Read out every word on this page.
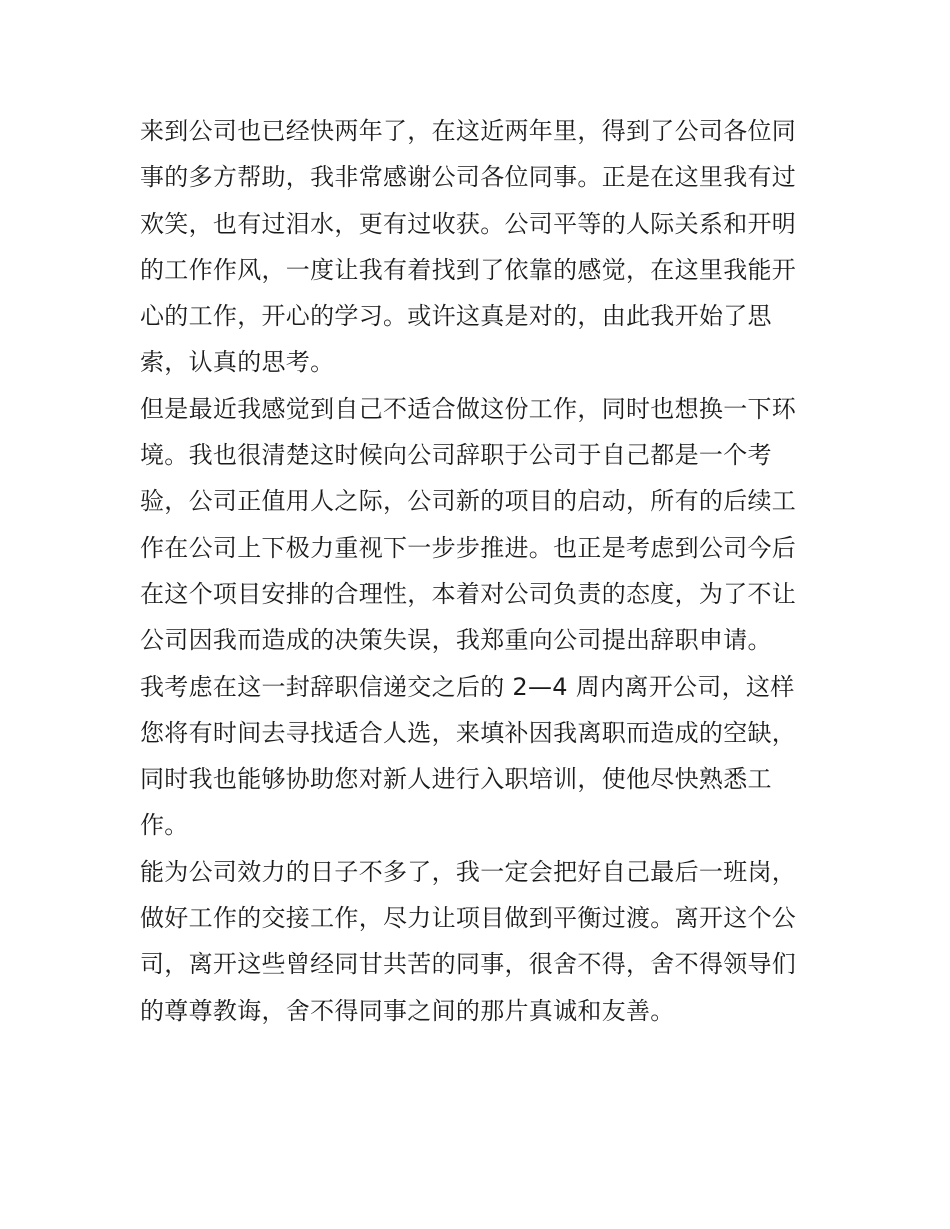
来到公司也已经快两年了，在这近两年里，得到了公司各位同
事的多方帮助，我非常感谢公司各位同事。正是在这里我有过
欢笑，也有过泪水，更有过收获。公司平等的人际关系和开明
的工作作风，一度让我有着找到了依靠的感觉，在这里我能开
心的工作，开心的学习。或许这真是对的，由此我开始了思
索，认真的思考。
但是最近我感觉到自己不适合做这份工作，同时也想换一下环
境。我也很清楚这时候向公司辞职于公司于自己都是一个考
验，公司正值用人之际，公司新的项目的启动，所有的后续工
作在公司上下极力重视下一步步推进。也正是考虑到公司今后
在这个项目安排的合理性，本着对公司负责的态度，为了不让
公司因我而造成的决策失误，我郑重向公司提出辞职申请。
我考虑在这一封辞职信递交之后的 2—4 周内离开公司，这样
您将有时间去寻找适合人选，来填补因我离职而造成的空缺，
同时我也能够协助您对新人进行入职培训，使他尽快熟悉工
作。
能为公司效力的日子不多了，我一定会把好自己最后一班岗，
做好工作的交接工作，尽力让项目做到平衡过渡。离开这个公
司，离开这些曾经同甘共苦的同事，很舍不得，舍不得领导们
的尊尊教诲，舍不得同事之间的那片真诚和友善。
